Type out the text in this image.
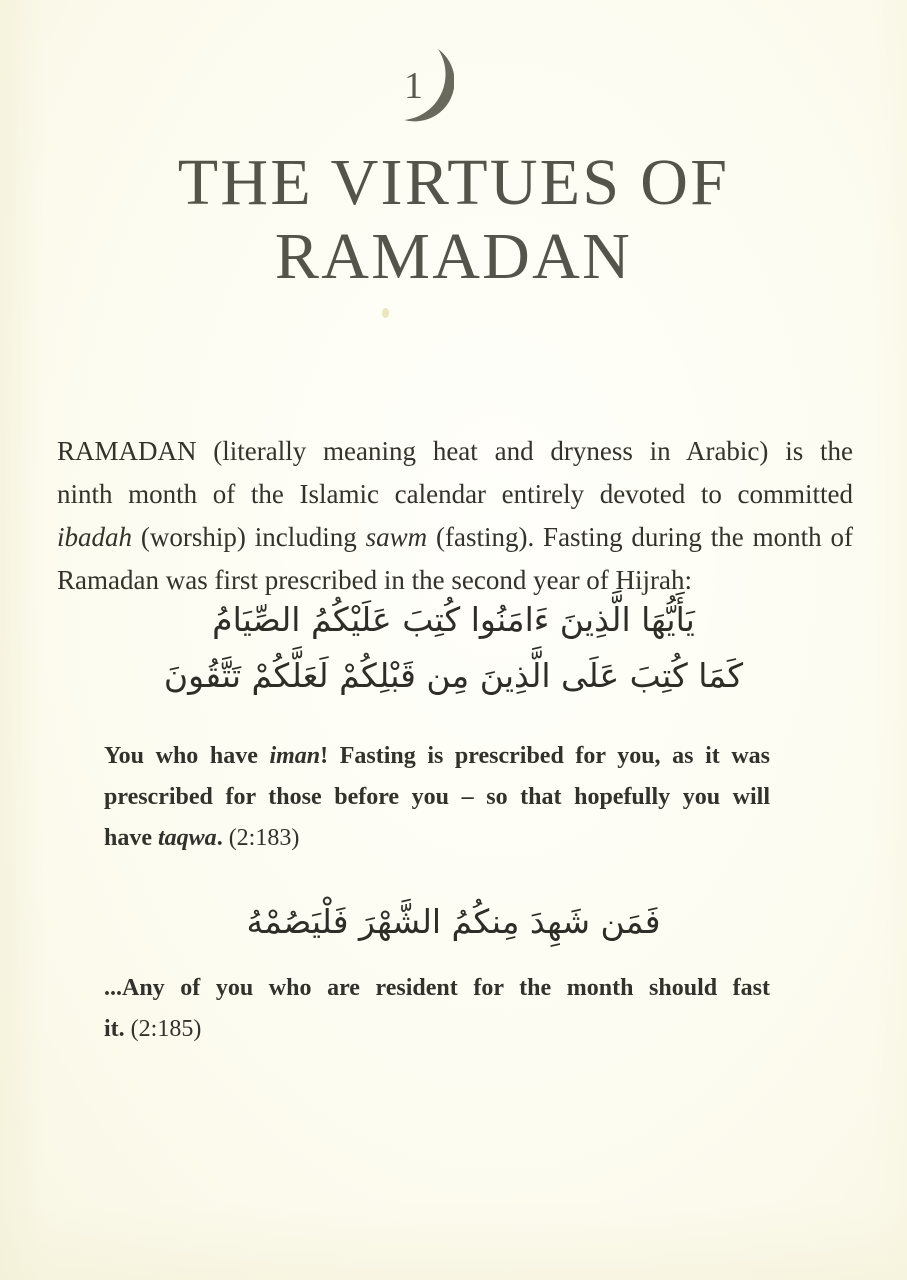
1
THE VIRTUES OF
RAMADAN
RAMADAN (literally meaning heat and dryness in Arabic) is the
ninth month of the Islamic calendar entirely devoted to committed
ibadah (worship) including sawm (fasting). Fasting during the month of
Ramadan was first prescribed in the second year of Hijrah:
يَأَيُّهَا الَّذِينَ ءَامَنُوا كُتِبَ عَلَيْكُمُ الصِّيَامُ
كَمَا كُتِبَ عَلَى الَّذِينَ مِن قَبْلِكُمْ لَعَلَّكُمْ تَتَّقُونَ
You who have iman! Fasting is prescribed for you, as it was
prescribed for those before you – so that hopefully you will
have taqwa. (2:183)
فَمَن شَهِدَ مِنكُمُ الشَّهْرَ فَلْيَصُمْهُ
...Any of you who are resident for the month should fast
it. (2:185)
